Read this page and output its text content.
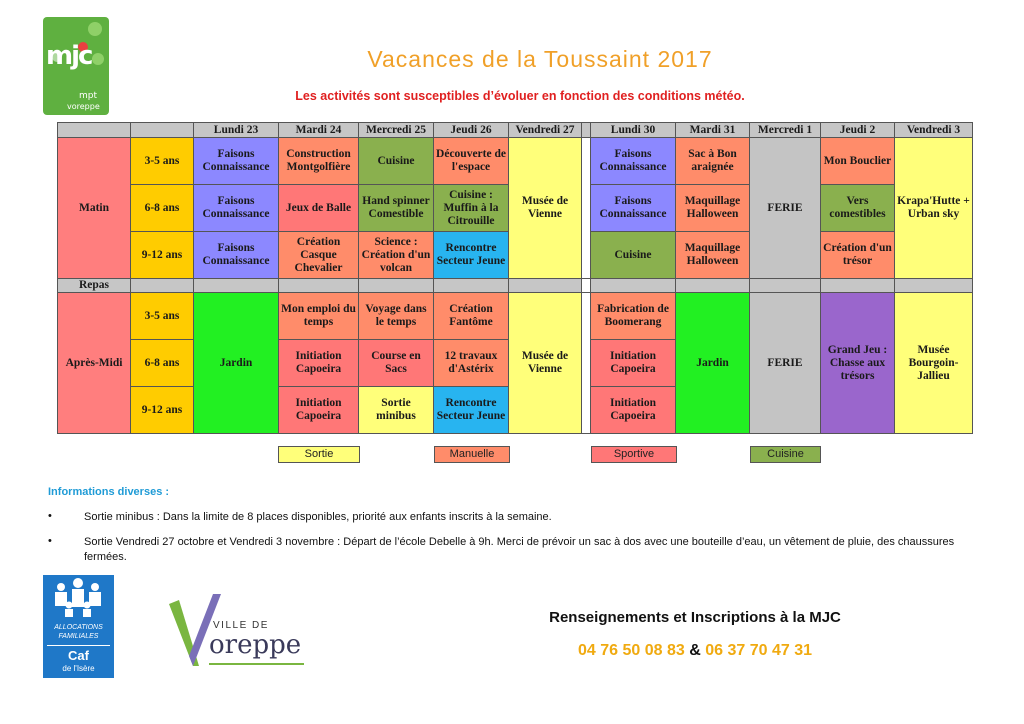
mjc
mpt
voreppe
Vacances de la Toussaint 2017
Les activités sont susceptibles d’évoluer en fonction des conditions météo.
		Lundi 23	Mardi 24	Mercredi 25	Jeudi 26	Vendredi 27		Lundi 30	Mardi 31	Mercredi 1	Jeudi 2	Vendredi 3
Matin	3-5 ans	Faisons Connaissance	Construction Montgolfière	Cuisine	Découverte de l'espace	Musée de Vienne		Faisons Connaissance	Sac à Bon araignée	FERIE	Mon Bouclier	Krapa'Hutte + Urban sky
	6-8 ans	Faisons Connaissance	Jeux de Balle	Hand spinner Comestible	Cuisine : Muffin à la Citrouille			Faisons Connaissance	Maquillage Halloween		Vers comestibles	
	9-12 ans	Faisons Connaissance	Création Casque Chevalier	Science : Création d'un volcan	Rencontre Secteur Jeune			Cuisine	Maquillage Halloween		Création d'un trésor	
Repas												
Après-Midi	3-5 ans	Jardin	Mon emploi du temps	Voyage dans le temps	Création Fantôme	Musée de Vienne		Fabrication de Boomerang	Jardin	FERIE	Grand Jeu : Chasse aux trésors	Musée Bourgoin-Jallieu
	6-8 ans		Initiation Capoeira	Course en Sacs	12 travaux d'Astérix			Initiation Capoeira				
	9-12 ans		Initiation Capoeira	Sortie minibus	Rencontre Secteur Jeune			Initiation Capoeira				
Sortie	Manuelle	Sportive	Cuisine
Informations diverses :
•	Sortie minibus : Dans la limite de 8 places disponibles, priorité aux enfants inscrits à la semaine.
•	Sortie Vendredi 27 octobre et Vendredi 3 novembre : Départ de l’école Debelle à 9h. Merci de prévoir un sac à dos avec une bouteille d’eau, un vêtement de pluie, des chaussures fermées.
ALLOCATIONS
FAMILIALES
Caf
de l'Isère
VILLE DE
oreppe
Renseignements et Inscriptions à la MJC
04 76 50 08 83 & 06 37 70 47 31
